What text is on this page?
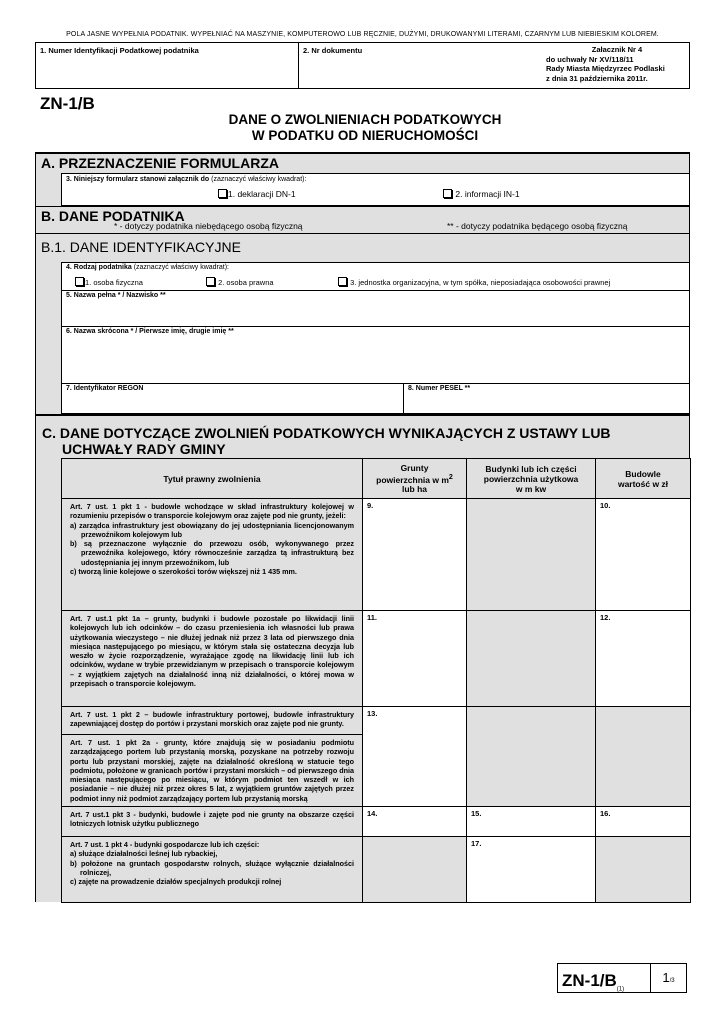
POLA JASNE WYPEŁNIA PODATNIK. WYPEŁNIAĆ NA MASZYNIE, KOMPUTEROWO LUB RĘCZNIE, DUŻYMI, DRUKOWANYMI LITERAMI, CZARNYM LUB NIEBIESKIM KOLOREM.
1. Numer Identyfikacji Podatkowej podatnika	2. Nr dokumentu	Załacznik Nr 4
do uchwały Nr XV/118/11
Rady Miasta Międzyrzec Podlaski
z dnia 31 października 2011r.
ZN-1/B
DANE O ZWOLNIENIACH PODATKOWYCH
W PODATKU OD NIERUCHOMOŚCI
A. PRZEZNACZENIE FORMULARZA
3. Niniejszy formularz stanowi załącznik do (zaznaczyć właściwy kwadrat):
1. deklaracji DN-1	2. informacji IN-1
B. DANE PODATNIKA
* - dotyczy podatnika niebędącego osobą fizyczną	** - dotyczy podatnika będącego osobą fizyczną
B.1. DANE IDENTYFIKACYJNE
4. Rodzaj podatnika (zaznaczyć właściwy kwadrat):
1. osoba fizyczna	2. osoba prawna	3. jednostka organizacyjna, w tym spółka, nieposiadająca osobowości prawnej
5. Nazwa pełna * / Nazwisko **
6. Nazwa skrócona * / Pierwsze imię, drugie imię **
7. Identyfikator REGON	8. Numer PESEL **
C. DANE DOTYCZĄCE ZWOLNIEŃ PODATKOWYCH WYNIKAJĄCYCH Z USTAWY LUB
UCHWAŁY RADY GMINY
Tytuł prawny zwolnienia	Grunty
powierzchnia w $m^2$
lub ha	Budynki lub ich części
powierzchnia użytkowa
w m kw	Budowle
wartość w zł

Art. 7 ust. 1 pkt 1 - budowle wchodzące w skład infrastruktury kolejowej w rozumieniu przepisów o transporcie kolejowym oraz zajęte pod nie grunty, jeżeli:
a) zarządca infrastruktury jest obowiązany do jej udostępniania licencjonowanym przewoźnikom kolejowym lub
b) są przeznaczone wyłącznie do przewozu osób, wykonywanego przez przewoźnika kolejowego, który równocześnie zarządza tą infrastrukturą bez udostępniania jej innym przewoźnikom, lub
c) tworzą linie kolejowe o szerokości torów większej niż 1 435 mm.	9.		10.
Art. 7 ust.1 pkt 1a – grunty, budynki i budowle pozostałe po likwidacji linii kolejowych lub ich odcinków – do czasu przeniesienia ich własności lub prawa użytkowania wieczystego – nie dłużej jednak niż przez 3 lata od pierwszego dnia miesiąca następującego po miesiącu, w którym stała się ostateczna decyzja lub weszło w życie rozporządzenie, wyrażające zgodę na likwidację linii lub ich odcinków, wydane w trybie przewidzianym w przepisach o transporcie kolejowym – z wyjątkiem zajętych na działalność inną niż działalności, o której mowa w przepisach o transporcie kolejowym.	11.		12.
Art. 7 ust. 1 pkt 2 – budowle infrastruktury portowej, budowle infrastruktury zapewniającej dostęp do portów i przystani morskich oraz zajęte pod nie grunty.	13.		
Art. 7 ust. 1 pkt 2a - grunty, które znajdują się w posiadaniu podmiotu zarządzającego portem lub przystanią morską, pozyskane na potrzeby rozwoju portu lub przystani morskiej, zajęte na działalność określoną w statucie tego podmiotu, położone w granicach portów i przystani morskich – od pierwszego dnia miesiąca następującego po miesiącu, w którym podmiot ten wszedł w ich posiadanie – nie dłużej niż przez okres 5 lat, z wyjątkiem gruntów zajętych przez podmiot inny niż podmiot zarządzający portem lub przystanią morską			
Art. 7 ust.1 pkt 3 - budynki, budowle i zajęte pod nie grunty na obszarze części lotniczych lotnisk użytku publicznego	14.	15.	16.

Art. 7 ust. 1 pkt 4 - budynki gospodarcze lub ich części:
a) służące działalności leśnej lub rybackiej,
b) położone na gruntach gospodarstw rolnych, służące wyłącznie działalności rolniczej,
c) zajęte na prowadzenie działów specjalnych produkcji rolnej		17.	
$ZN-1/B_{(1)}$
1/3
